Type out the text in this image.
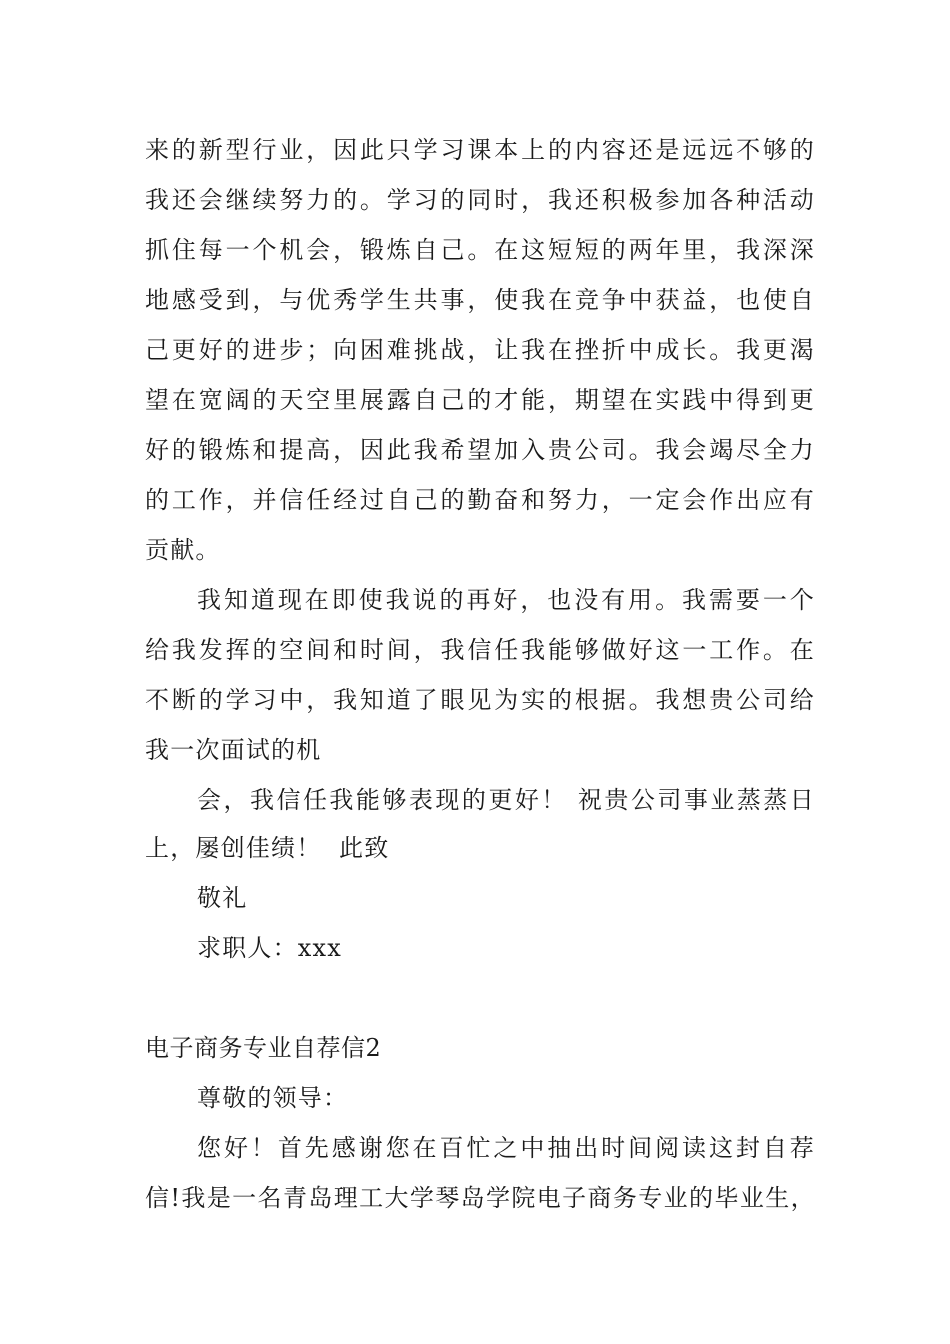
来的新型行业，因此只学习课本上的内容还是远远不够的
我还会继续努力的。学习的同时，我还积极参加各种活动
抓住每一个机会，锻炼自己。在这短短的两年里，我深深
地感受到，与优秀学生共事，使我在竞争中获益，也使自
己更好的进步；向困难挑战，让我在挫折中成长。我更渴
望在宽阔的天空里展露自己的才能，期望在实践中得到更
好的锻炼和提高，因此我希望加入贵公司。我会竭尽全力
的工作，并信任经过自己的勤奋和努力，一定会作出应有
贡献。
我知道现在即使我说的再好，也没有用。我需要一个
给我发挥的空间和时间，我信任我能够做好这一工作。在
不断的学习中，我知道了眼见为实的根据。我想贵公司给
我一次面试的机
会，我信任我能够表现的更好！ 祝贵公司事业蒸蒸日
上，屡创佳绩！  此致
敬礼
求职人：xxx
电子商务专业自荐信2
尊敬的领导：
您好！首先感谢您在百忙之中抽出时间阅读这封自荐
信!我是一名青岛理工大学琴岛学院电子商务专业的毕业生，
